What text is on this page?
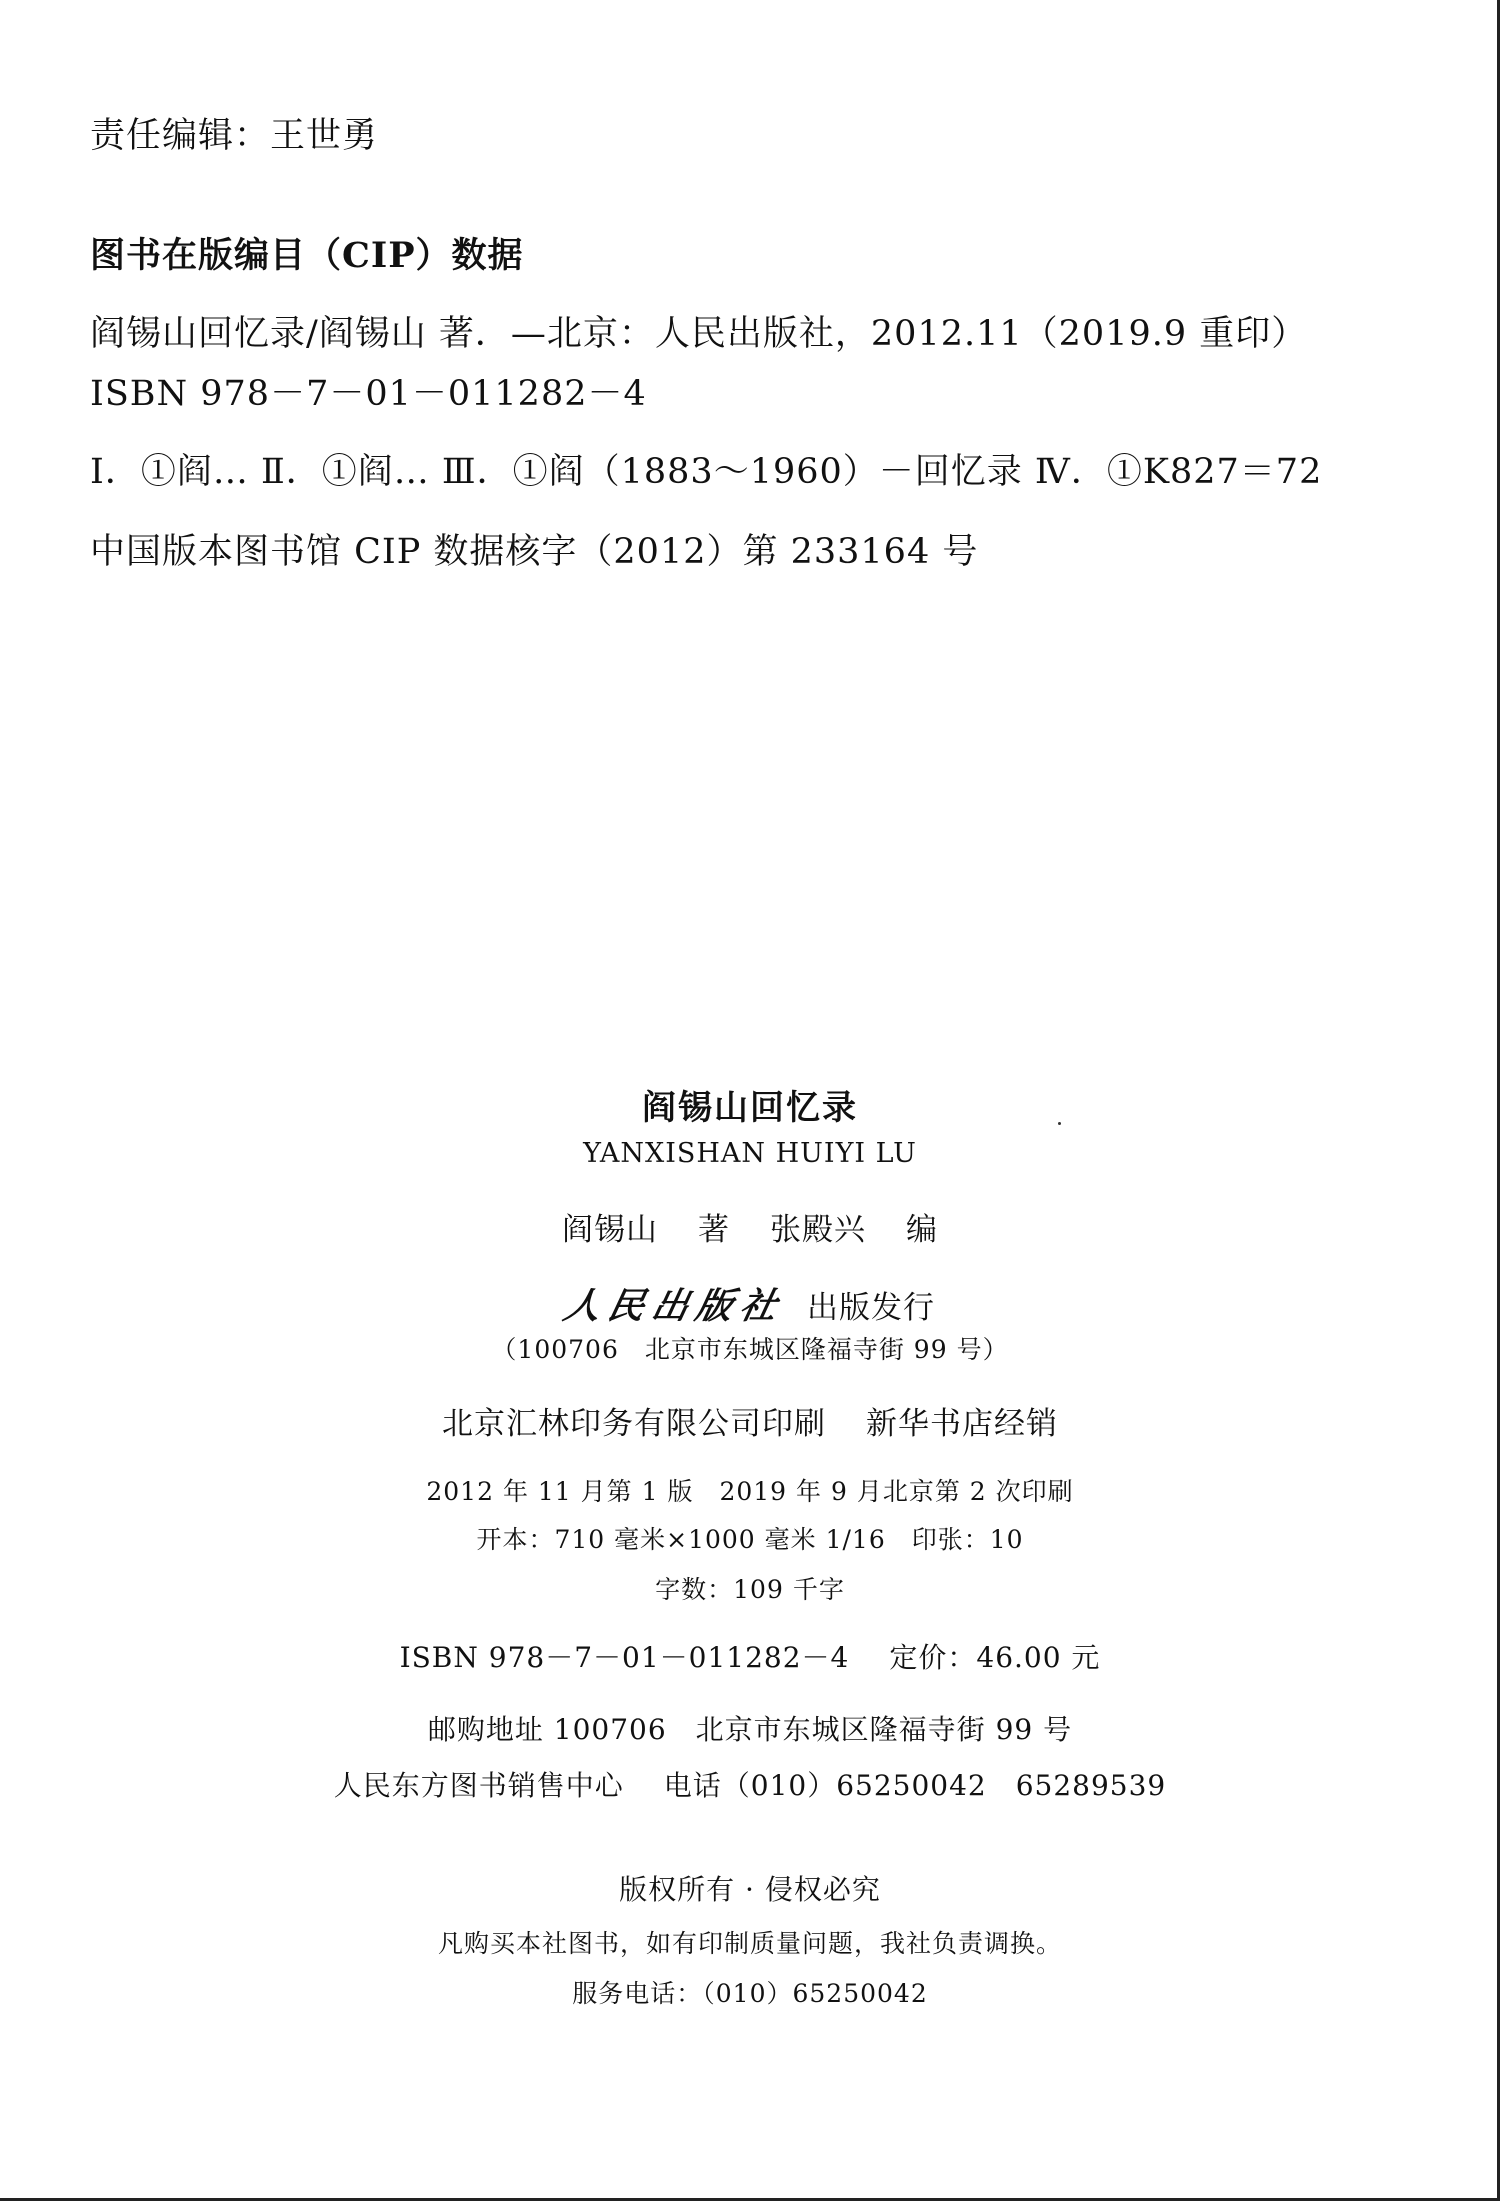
责任编辑：王世勇
图书在版编目（CIP）数据
阎锡山回忆录/阎锡山 著．—北京：人民出版社，2012.11（2019.9 重印）
ISBN 978－7－01－011282－4
Ⅰ．①阎… Ⅱ．①阎… Ⅲ．①阎（1883～1960）－回忆录 Ⅳ．①K827＝72
中国版本图书馆 CIP 数据核字（2012）第 233164 号
阎锡山回忆录
YANXISHAN HUIYI LU
阎锡山 著 张殿兴 编
人民出版社 出版发行
（100706　北京市东城区隆福寺街 99 号）
北京汇林印务有限公司印刷 新华书店经销
2012 年 11 月第 1 版　2019 年 9 月北京第 2 次印刷
开本：710 毫米×1000 毫米 1/16　印张：10
字数：109 千字
ISBN 978－7－01－011282－4 定价：46.00 元
邮购地址 100706　北京市东城区隆福寺街 99 号
人民东方图书销售中心 电话（010）65250042　65289539
版权所有 · 侵权必究
凡购买本社图书，如有印制质量问题，我社负责调换。
服务电话：（010）65250042
